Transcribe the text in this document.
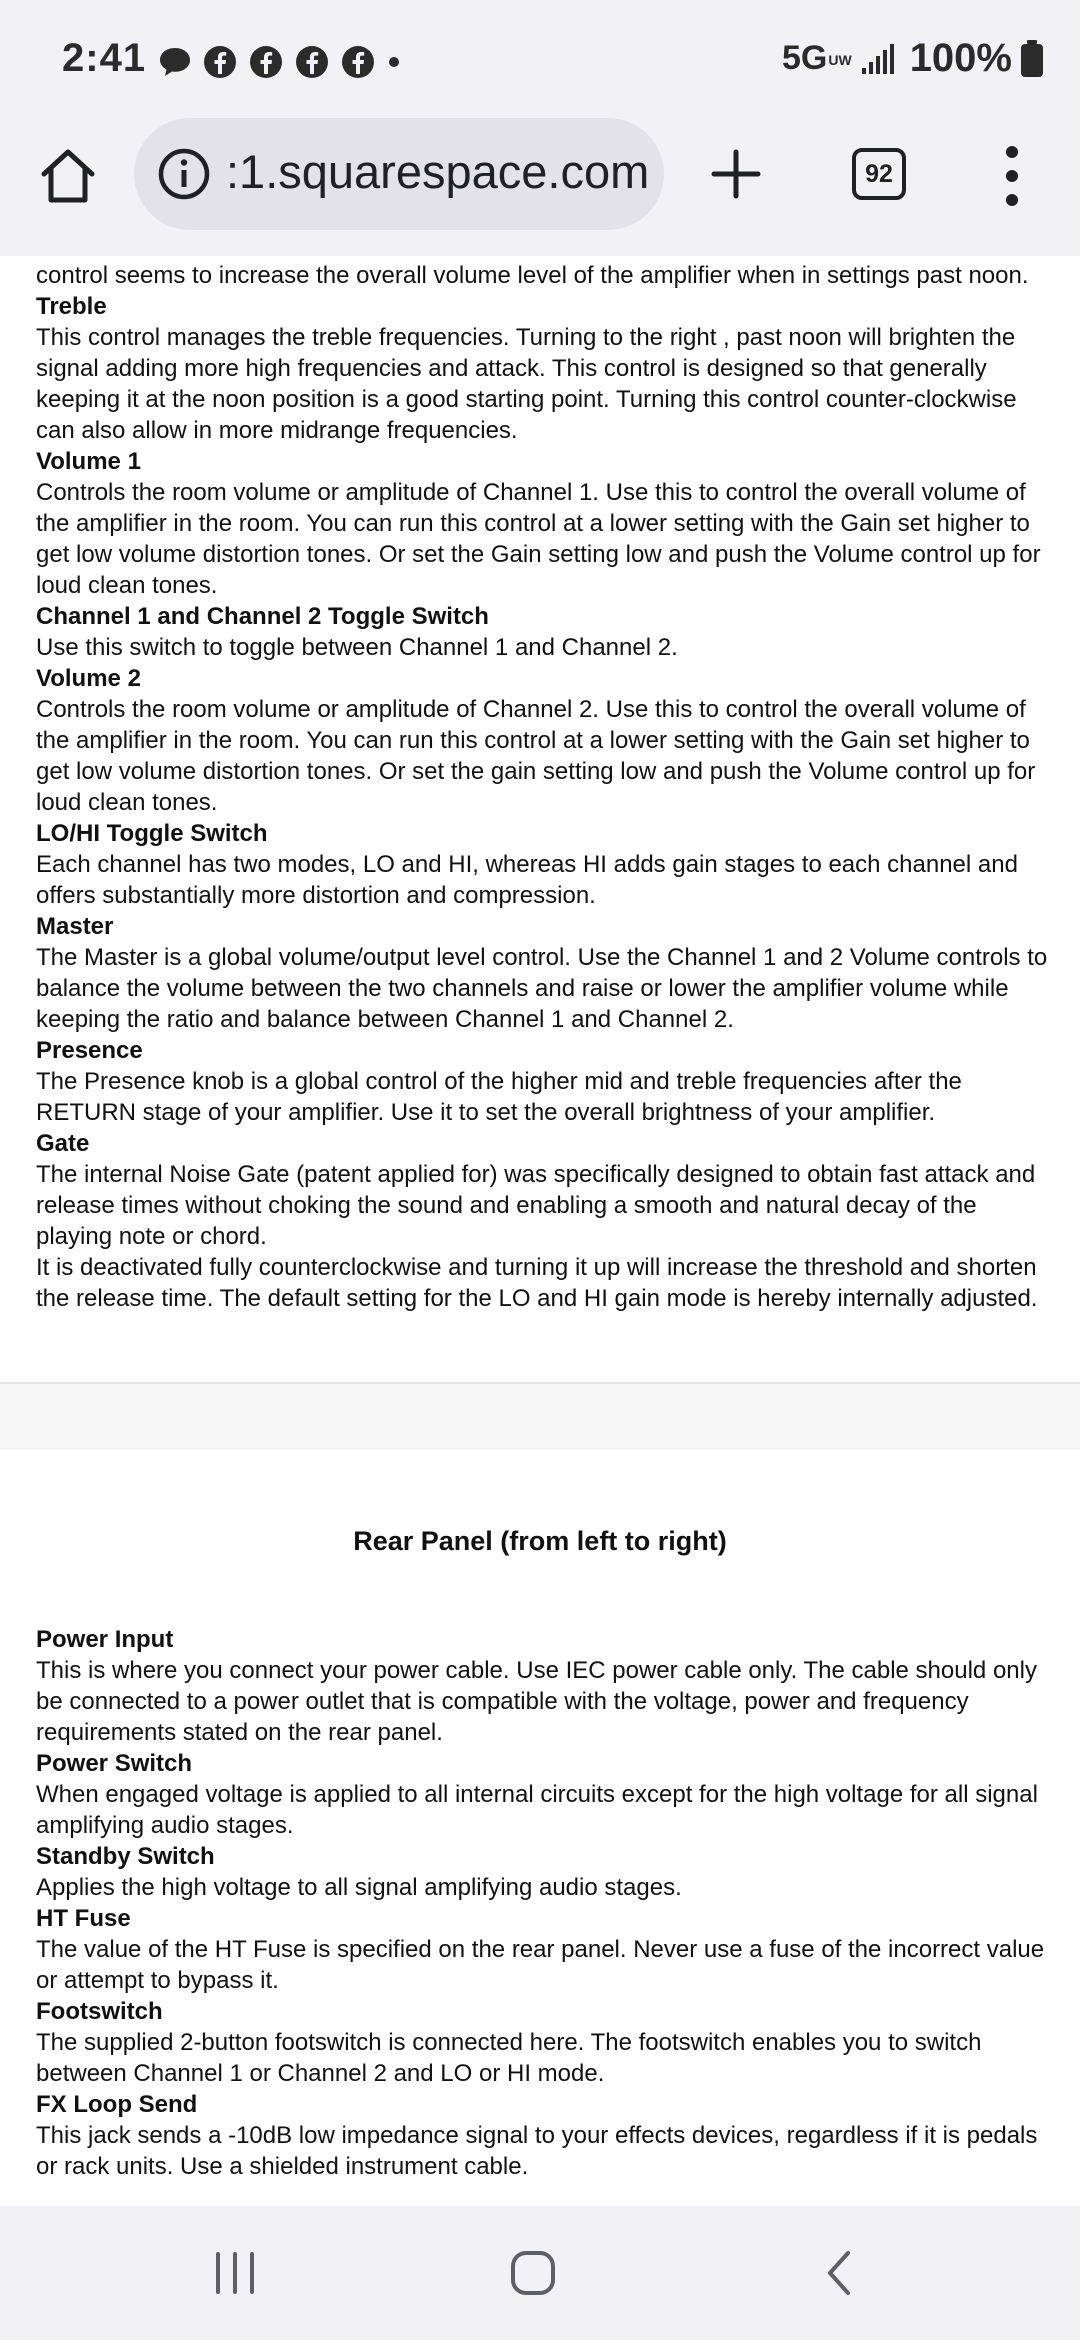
2:41	5GUW 100%
:1.squarespace.com	92

control seems to increase the overall volume level of the amplifier when in settings past noon.

Treble

This control manages the treble frequencies. Turning to the right , past noon will brighten the signal adding more high frequencies and attack. This control is designed so that generally keeping it at the noon position is a good starting point. Turning this control counter-clockwise can also allow in more midrange frequencies.

Volume 1

Controls the room volume or amplitude of Channel 1. Use this to control the overall volume of the amplifier in the room. You can run this control at a lower setting with the Gain set higher to get low volume distortion tones. Or set the Gain setting low and push the Volume control up for loud clean tones.

Channel 1 and Channel 2 Toggle Switch

Use this switch to toggle between Channel 1 and Channel 2.

Volume 2

Controls the room volume or amplitude of Channel 2. Use this to control the overall volume of the amplifier in the room. You can run this control at a lower setting with the Gain set higher to get low volume distortion tones. Or set the gain setting low and push the Volume control up for loud clean tones.

LO/HI Toggle Switch

Each channel has two modes, LO and HI, whereas HI adds gain stages to each channel and offers substantially more distortion and compression.

Master

The Master is a global volume/output level control. Use the Channel 1 and 2 Volume controls to balance the volume between the two channels and raise or lower the amplifier volume while keeping the ratio and balance between Channel 1 and Channel 2.

Presence

The Presence knob is a global control of the higher mid and treble frequencies after the RETURN stage of your amplifier. Use it to set the overall brightness of your amplifier.

Gate

The internal Noise Gate (patent applied for) was specifically designed to obtain fast attack and release times without choking the sound and enabling a smooth and natural decay of the playing note or chord.

It is deactivated fully counterclockwise and turning it up will increase the threshold and shorten the release time. The default setting for the LO and HI gain mode is hereby internally adjusted.

Rear Panel (from left to right)

Power Input

This is where you connect your power cable. Use IEC power cable only. The cable should only be connected to a power outlet that is compatible with the voltage, power and frequency requirements stated on the rear panel.

Power Switch

When engaged voltage is applied to all internal circuits except for the high voltage for all signal amplifying audio stages.

Standby Switch

Applies the high voltage to all signal amplifying audio stages.

HT Fuse

The value of the HT Fuse is specified on the rear panel. Never use a fuse of the incorrect value or attempt to bypass it.

Footswitch

The supplied 2-button footswitch is connected here. The footswitch enables you to switch between Channel 1 or Channel 2 and LO or HI mode.

FX Loop Send

This jack sends a -10dB low impedance signal to your effects devices, regardless if it is pedals or rack units. Use a shielded instrument cable.
